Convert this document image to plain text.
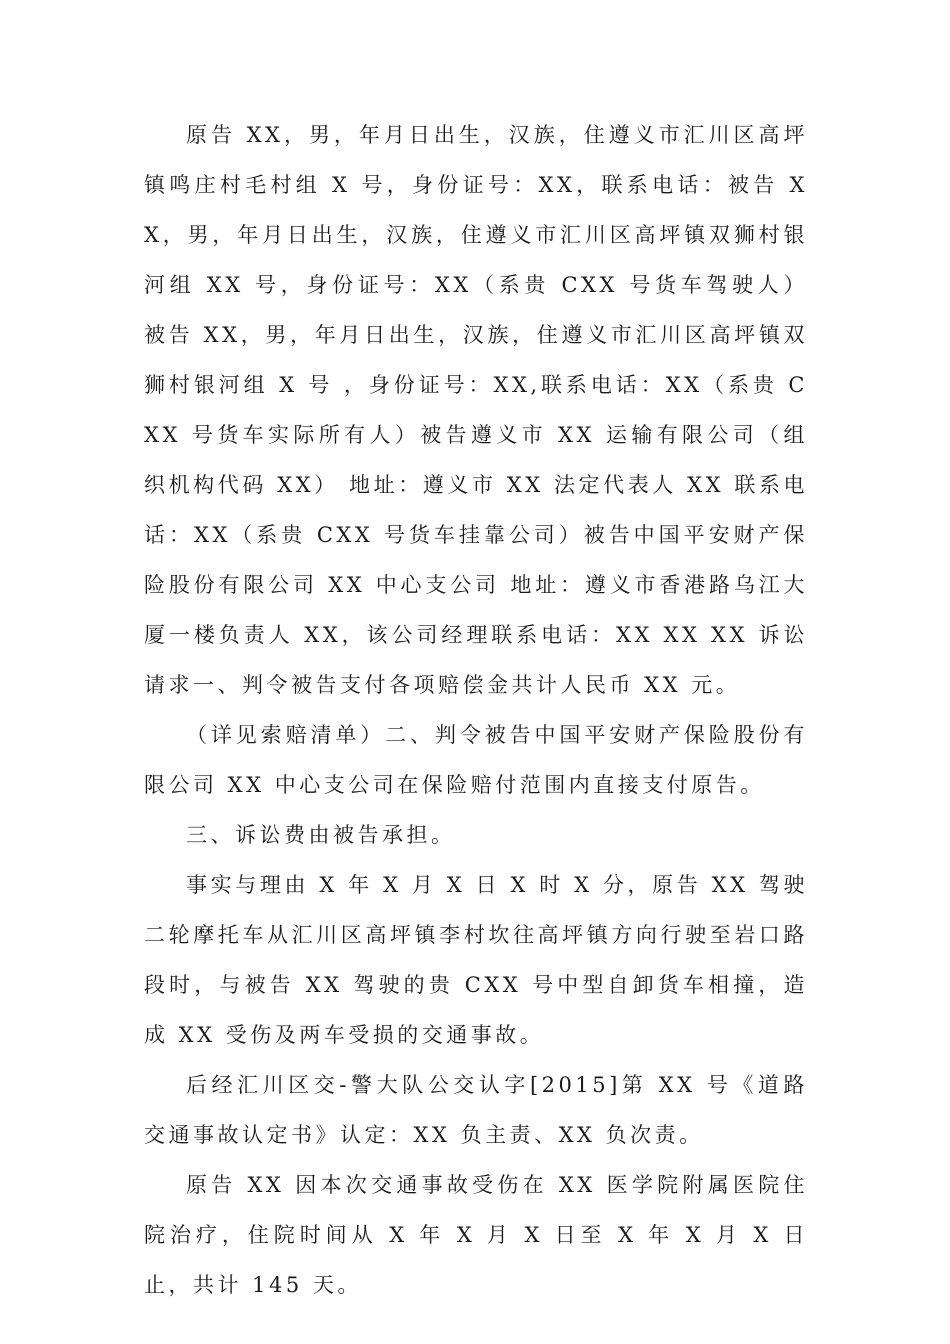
原告 XX，男，年月日出生，汉族，住遵义市汇川区高坪镇鸣庄村毛村组 X 号，身份证号：XX，联系电话：被告 XX，男，年月日出生，汉族，住遵义市汇川区高坪镇双狮村银河组 XX 号，身份证号：XX（系贵 CXX 号货车驾驶人） 被告 XX，男，年月日出生，汉族，住遵义市汇川区高坪镇双狮村银河组 X 号 ，身份证号：XX,联系电话：XX（系贵 CXX 号货车实际所有人）被告遵义市 XX 运输有限公司（组织机构代码 XX） 地址：遵义市 XX 法定代表人 XX 联系电话：XX（系贵 CXX 号货车挂靠公司）被告中国平安财产保险股份有限公司 XX 中心支公司 地址：遵义市香港路乌江大厦一楼负责人 XX，该公司经理联系电话：XX XX XX 诉讼请求一、判令被告支付各项赔偿金共计人民币 XX 元。

（详见索赔清单）二、判令被告中国平安财产保险股份有限公司 XX 中心支公司在保险赔付范围内直接支付原告。

三、诉讼费由被告承担。

事实与理由 X 年 X 月 X 日 X 时 X 分，原告 XX 驾驶二轮摩托车从汇川区高坪镇李村坎往高坪镇方向行驶至岩口路段时，与被告 XX 驾驶的贵 CXX 号中型自卸货车相撞，造成 XX 受伤及两车受损的交通事故。

后经汇川区交-警大队公交认字[2015]第 XX 号《道路交通事故认定书》认定：XX 负主责、XX 负次责。

原告 XX 因本次交通事故受伤在 XX 医学院附属医院住院治疗，住院时间从 X 年 X 月 X 日至 X 年 X 月 X 日止，共计 145 天。
